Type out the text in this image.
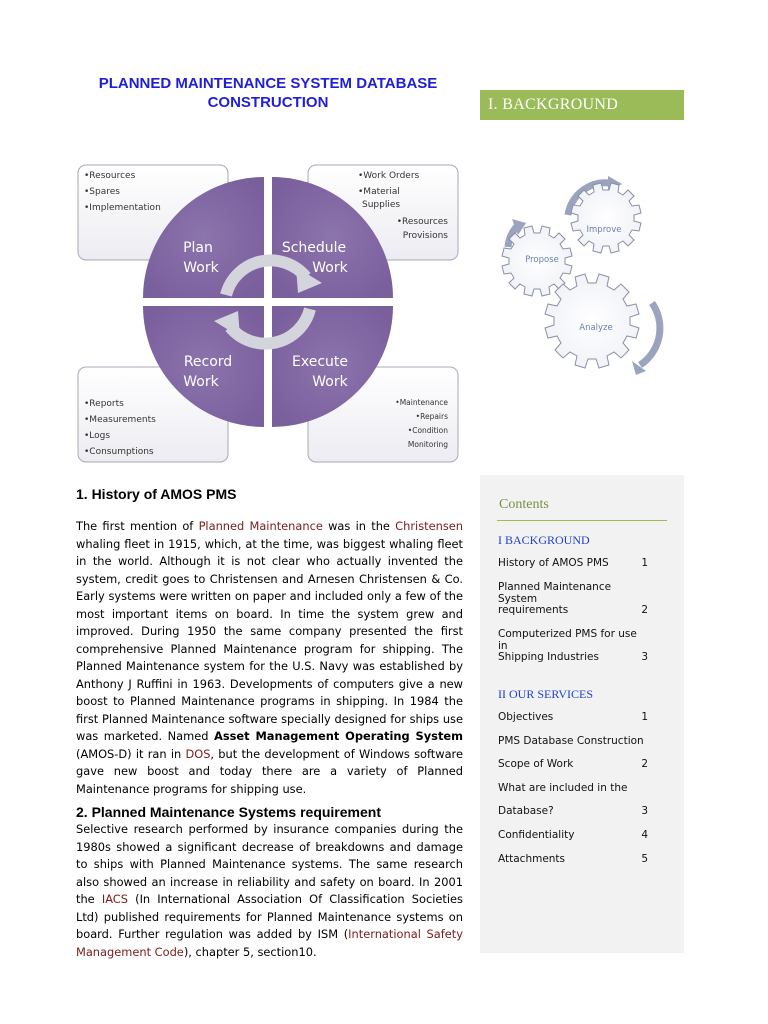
PLANNED MAINTENANCE SYSTEM DATABASE CONSTRUCTION	I. BACKGROUND
Plan
Work
Schedule
Work
Record
Work
Execute
Work
•Resources
•Spares
•Implementation
•Work Orders
•Material
Supplies
•Resources
Provisions
•Reports
•Measurements
•Logs
•Consumptions
•Maintenance
•Repairs
•Condition
Monitoring
Improve
Propose
Analyze
1. History of AMOS PMS
The first mention of Planned Maintenance was in the Christensen whaling fleet in 1915, which, at the time, was biggest whaling fleet in the world. Although it is not clear who actually invented the system, credit goes to Christensen and Arnesen Christensen & Co. Early systems were written on paper and included only a few of the most important items on board. In time the system grew and improved. During 1950 the same company presented the first comprehensive Planned Maintenance program for shipping. The Planned Maintenance system for the U.S. Navy was established by Anthony J Ruffini in 1963. Developments of computers give a new boost to Planned Maintenance programs in shipping. In 1984 the first Planned Maintenance software specially designed for ships use was marketed. Named Asset Management Operating System (AMOS-D) it ran in DOS, but the development of Windows software gave new boost and today there are a variety of Planned Maintenance programs for shipping use.
2. Planned Maintenance Systems requirement
Selective research performed by insurance companies during the 1980s showed a significant decrease of breakdowns and damage to ships with Planned Maintenance systems. The same research also showed an increase in reliability and safety on board. In 2001 the IACS (In International Association Of Classification Societies Ltd) published requirements for Planned Maintenance systems on board. Further regulation was added by ISM (International Safety Management Code), chapter 5, section10.
Contents
I BACKGROUND
History of AMOS PMS	1
Planned Maintenance System
requirements	2
Computerized PMS for use in
Shipping Industries	3
II OUR SERVICES
Objectives	1
PMS Database Construction
Scope of Work	2
What are included in the
Database?	3
Confidentiality	4
Attachments	5
